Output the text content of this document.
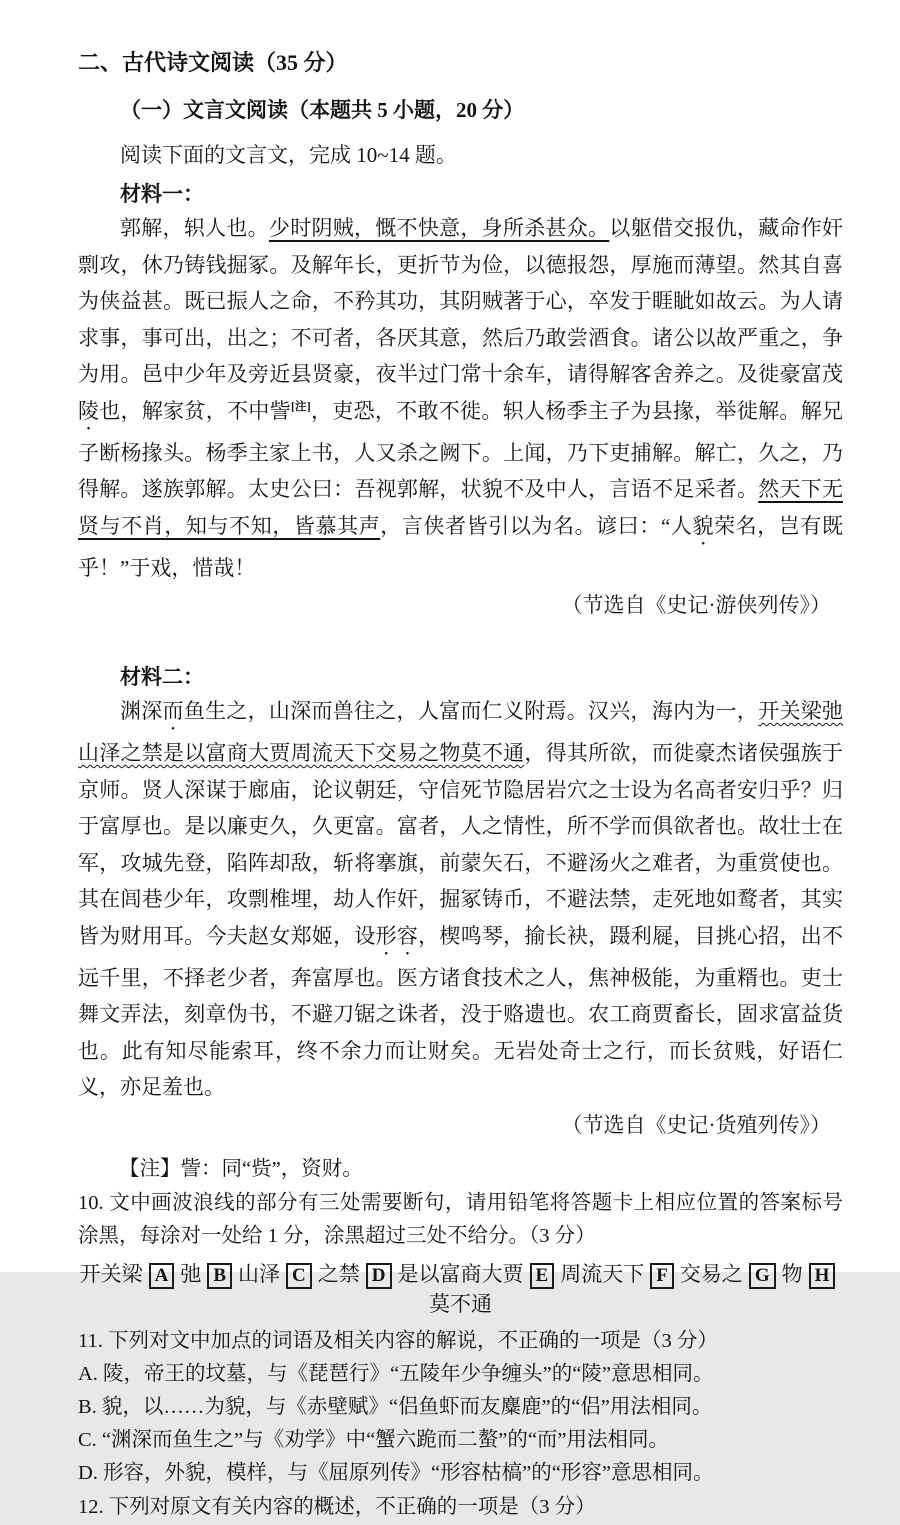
二、古代诗文阅读（35 分）

（一）文言文阅读（本题共 5 小题，20 分）

阅读下面的文言文，完成 10~14 题。

材料一：

郭解，轵人也。少时阴贼，慨不快意，身所杀甚众。以躯借交报仇，藏命作奸剽攻，休乃铸钱掘冢。及解年长，更折节为俭，以德报怨，厚施而薄望。然其自喜为侠益甚。既已振人之命，不矜其功，其阴贼著于心，卒发于睚眦如故云。为人请求事，事可出，出之；不可者，各厌其意，然后乃敢尝酒食。诸公以故严重之，争为用。邑中少年及旁近县贤豪，夜半过门常十余车，请得解客舍养之。及徙豪富茂陵也，解家贫，不中訾[注]，吏恐，不敢不徙。轵人杨季主子为县掾，举徙解。解兄子断杨掾头。杨季主家上书，人又杀之阙下。上闻，乃下吏捕解。解亡，久之，乃得解。遂族郭解。太史公曰：吾视郭解，状貌不及中人，言语不足采者。然天下无贤与不肖，知与不知，皆慕其声，言侠者皆引以为名。谚曰：“人貌荣名，岂有既乎！”于戏，惜哉！

（节选自《史记·游侠列传》）

材料二：

渊深而鱼生之，山深而兽往之，人富而仁义附焉。汉兴，海内为一，开关梁弛山泽之禁是以富商大贾周流天下交易之物莫不通，得其所欲，而徙豪杰诸侯强族于京师。贤人深谋于廊庙，论议朝廷，守信死节隐居岩穴之士设为名高者安归乎？归于富厚也。是以廉吏久，久更富。富者，人之情性，所不学而俱欲者也。故壮士在军，攻城先登，陷阵却敌，斩将搴旗，前蒙矢石，不避汤火之难者，为重赏使也。其在闾巷少年，攻剽椎埋，劫人作奸，掘冢铸币，不避法禁，走死地如鹜者，其实皆为财用耳。今夫赵女郑姬，设形容，楔鸣琴，揄长袂，蹑利屣，目挑心招，出不远千里，不择老少者，奔富厚也。医方诸食技术之人，焦神极能，为重糈也。吏士舞文弄法，刻章伪书，不避刀锯之诛者，没于赂遗也。农工商贾畜长，固求富益货也。此有知尽能索耳，终不余力而让财矣。无岩处奇士之行，而长贫贱，好语仁义，亦足羞也。

（节选自《史记·货殖列传》）

【注】訾：同“赀”，资财。

10. 文中画波浪线的部分有三处需要断句，请用铅笔将答题卡上相应位置的答案标号涂黑，每涂对一处给 1 分，涂黑超过三处不给分。（3 分）

开关梁 A 弛 B 山泽 C 之禁 D 是以富商大贾 E 周流天下 F 交易之 G 物 H莫不通

11. 下列对文中加点的词语及相关内容的解说，不正确的一项是（3 分）

A. 陵，帝王的坟墓，与《琵琶行》“五陵年少争缠头”的“陵”意思相同。

B. 貌，以……为貌，与《赤壁赋》“侣鱼虾而友麋鹿”的“侣”用法相同。

C. “渊深而鱼生之”与《劝学》中“蟹六跪而二螯”的“而”用法相同。

D. 形容，外貌，模样，与《屈原列传》“形容枯槁”的“形容”意思相同。

12. 下列对原文有关内容的概述，不正确的一项是（3 分）
